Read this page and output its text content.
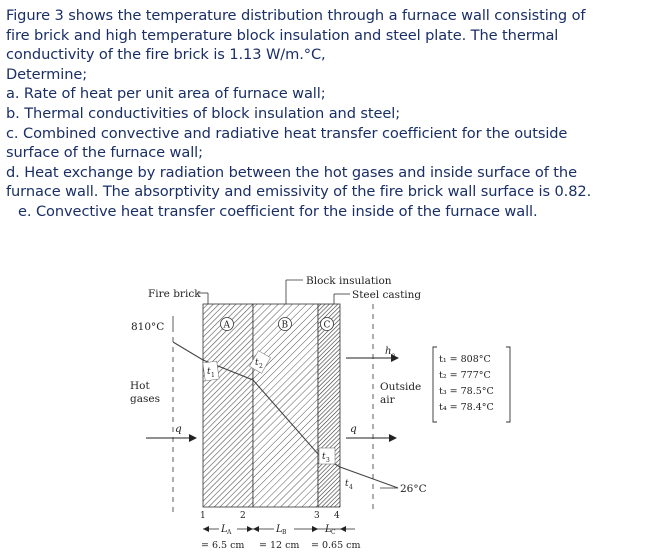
Figure 3 shows the temperature distribution through a furnace wall consisting of

fire brick and high temperature block insulation and steel plate. The thermal

conductivity of the fire brick is 1.13 W/m.°C,

Determine;

a. Rate of heat per unit area of furnace wall;

b. Thermal conductivities of block insulation and steel;

c. Combined convective and radiative heat transfer coefficient for the outside

surface of the furnace wall;

d. Heat exchange by radiation between the hot gases and inside surface of the

furnace wall. The absorptivity and emissivity of the fire brick wall surface is 0.82.

e. Convective heat transfer coefficient for the inside of the furnace wall.

Fire brick
Block insulation
Steel casting
A	B	C
810°C
t 1
t 2
t 3
t 4
Hot
gases
q
h o
Outside
air
q
26°C
1	2	3 4
L A	L B	L C
= 6.5 cm = 12 cm = 0.65 cm
t₁ = 808°C
t₂ = 777°C
t₃ = 78.5°C
t₄ = 78.4°C
